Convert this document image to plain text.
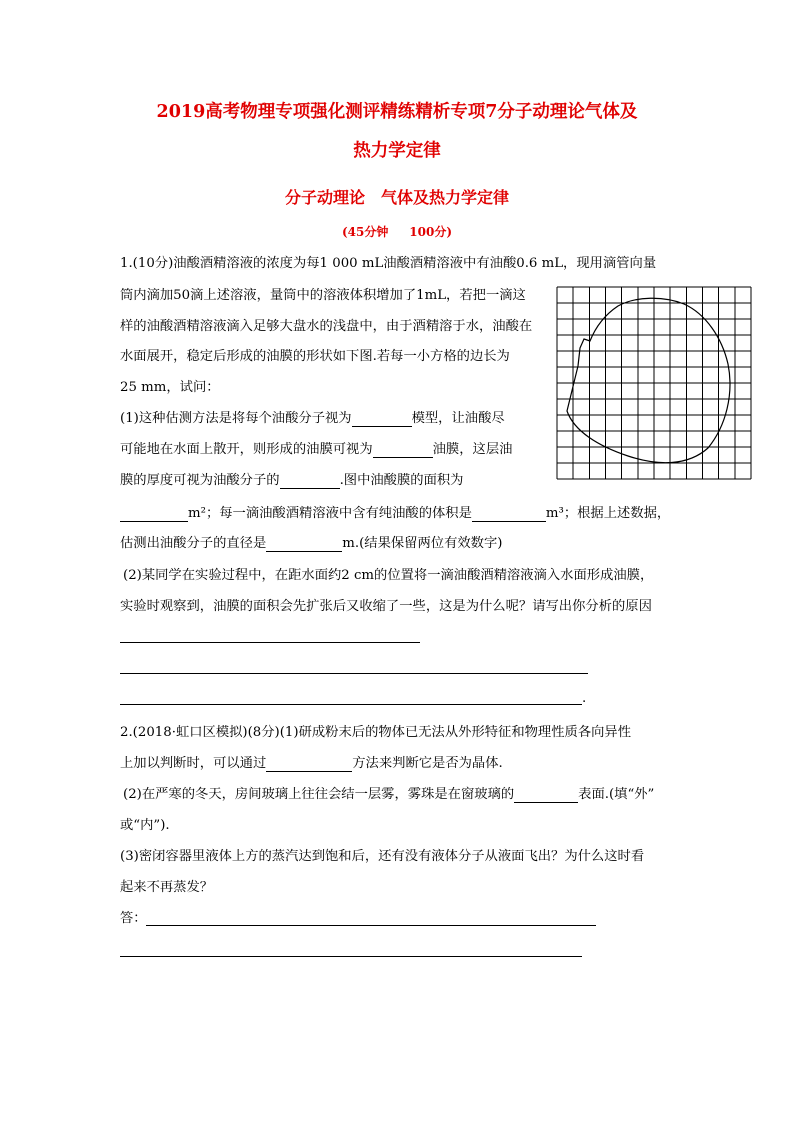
2019高考物理专项强化测评精练精析专项7分子动理论气体及
热力学定律
分子动理论　气体及热力学定律
(45分钟     100分)
1.(10分)油酸酒精溶液的浓度为每1 000 mL油酸酒精溶液中有油酸0.6 mL，现用滴管向量
筒内滴加50滴上述溶液，量筒中的溶液体积增加了1mL，若把一滴这
样的油酸酒精溶液滴入足够大盘水的浅盘中，由于酒精溶于水，油酸在
水面展开，稳定后形成的油膜的形状如下图.若每一小方格的边长为
25 mm，试问：
(1)这种估测方法是将每个油酸分子视为	模型，让油酸尽
可能地在水面上散开，则形成的油膜可视为	油膜，这层油
膜的厚度可视为油酸分子的	.图中油酸膜的面积为
m²；每一滴油酸酒精溶液中含有纯油酸的体积是	m³；根据上述数据，
估测出油酸分子的直径是	m.(结果保留两位有效数字)
(2)某同学在实验过程中，在距水面约2 cm的位置将一滴油酸酒精溶液滴入水面形成油膜，
实验时观察到，油膜的面积会先扩张后又收缩了一些，这是为什么呢？请写出你分析的原因
.
2.(2018·虹口区模拟)(8分)(1)研成粉末后的物体已无法从外形特征和物理性质各向异性
上加以判断时，可以通过	方法来判断它是否为晶体.
(2)在严寒的冬天，房间玻璃上往往会结一层雾，雾珠是在窗玻璃的	表面.(填“外”
或“内”).
(3)密闭容器里液体上方的蒸汽达到饱和后，还有没有液体分子从液面飞出？为什么这时看
起来不再蒸发？
答：
